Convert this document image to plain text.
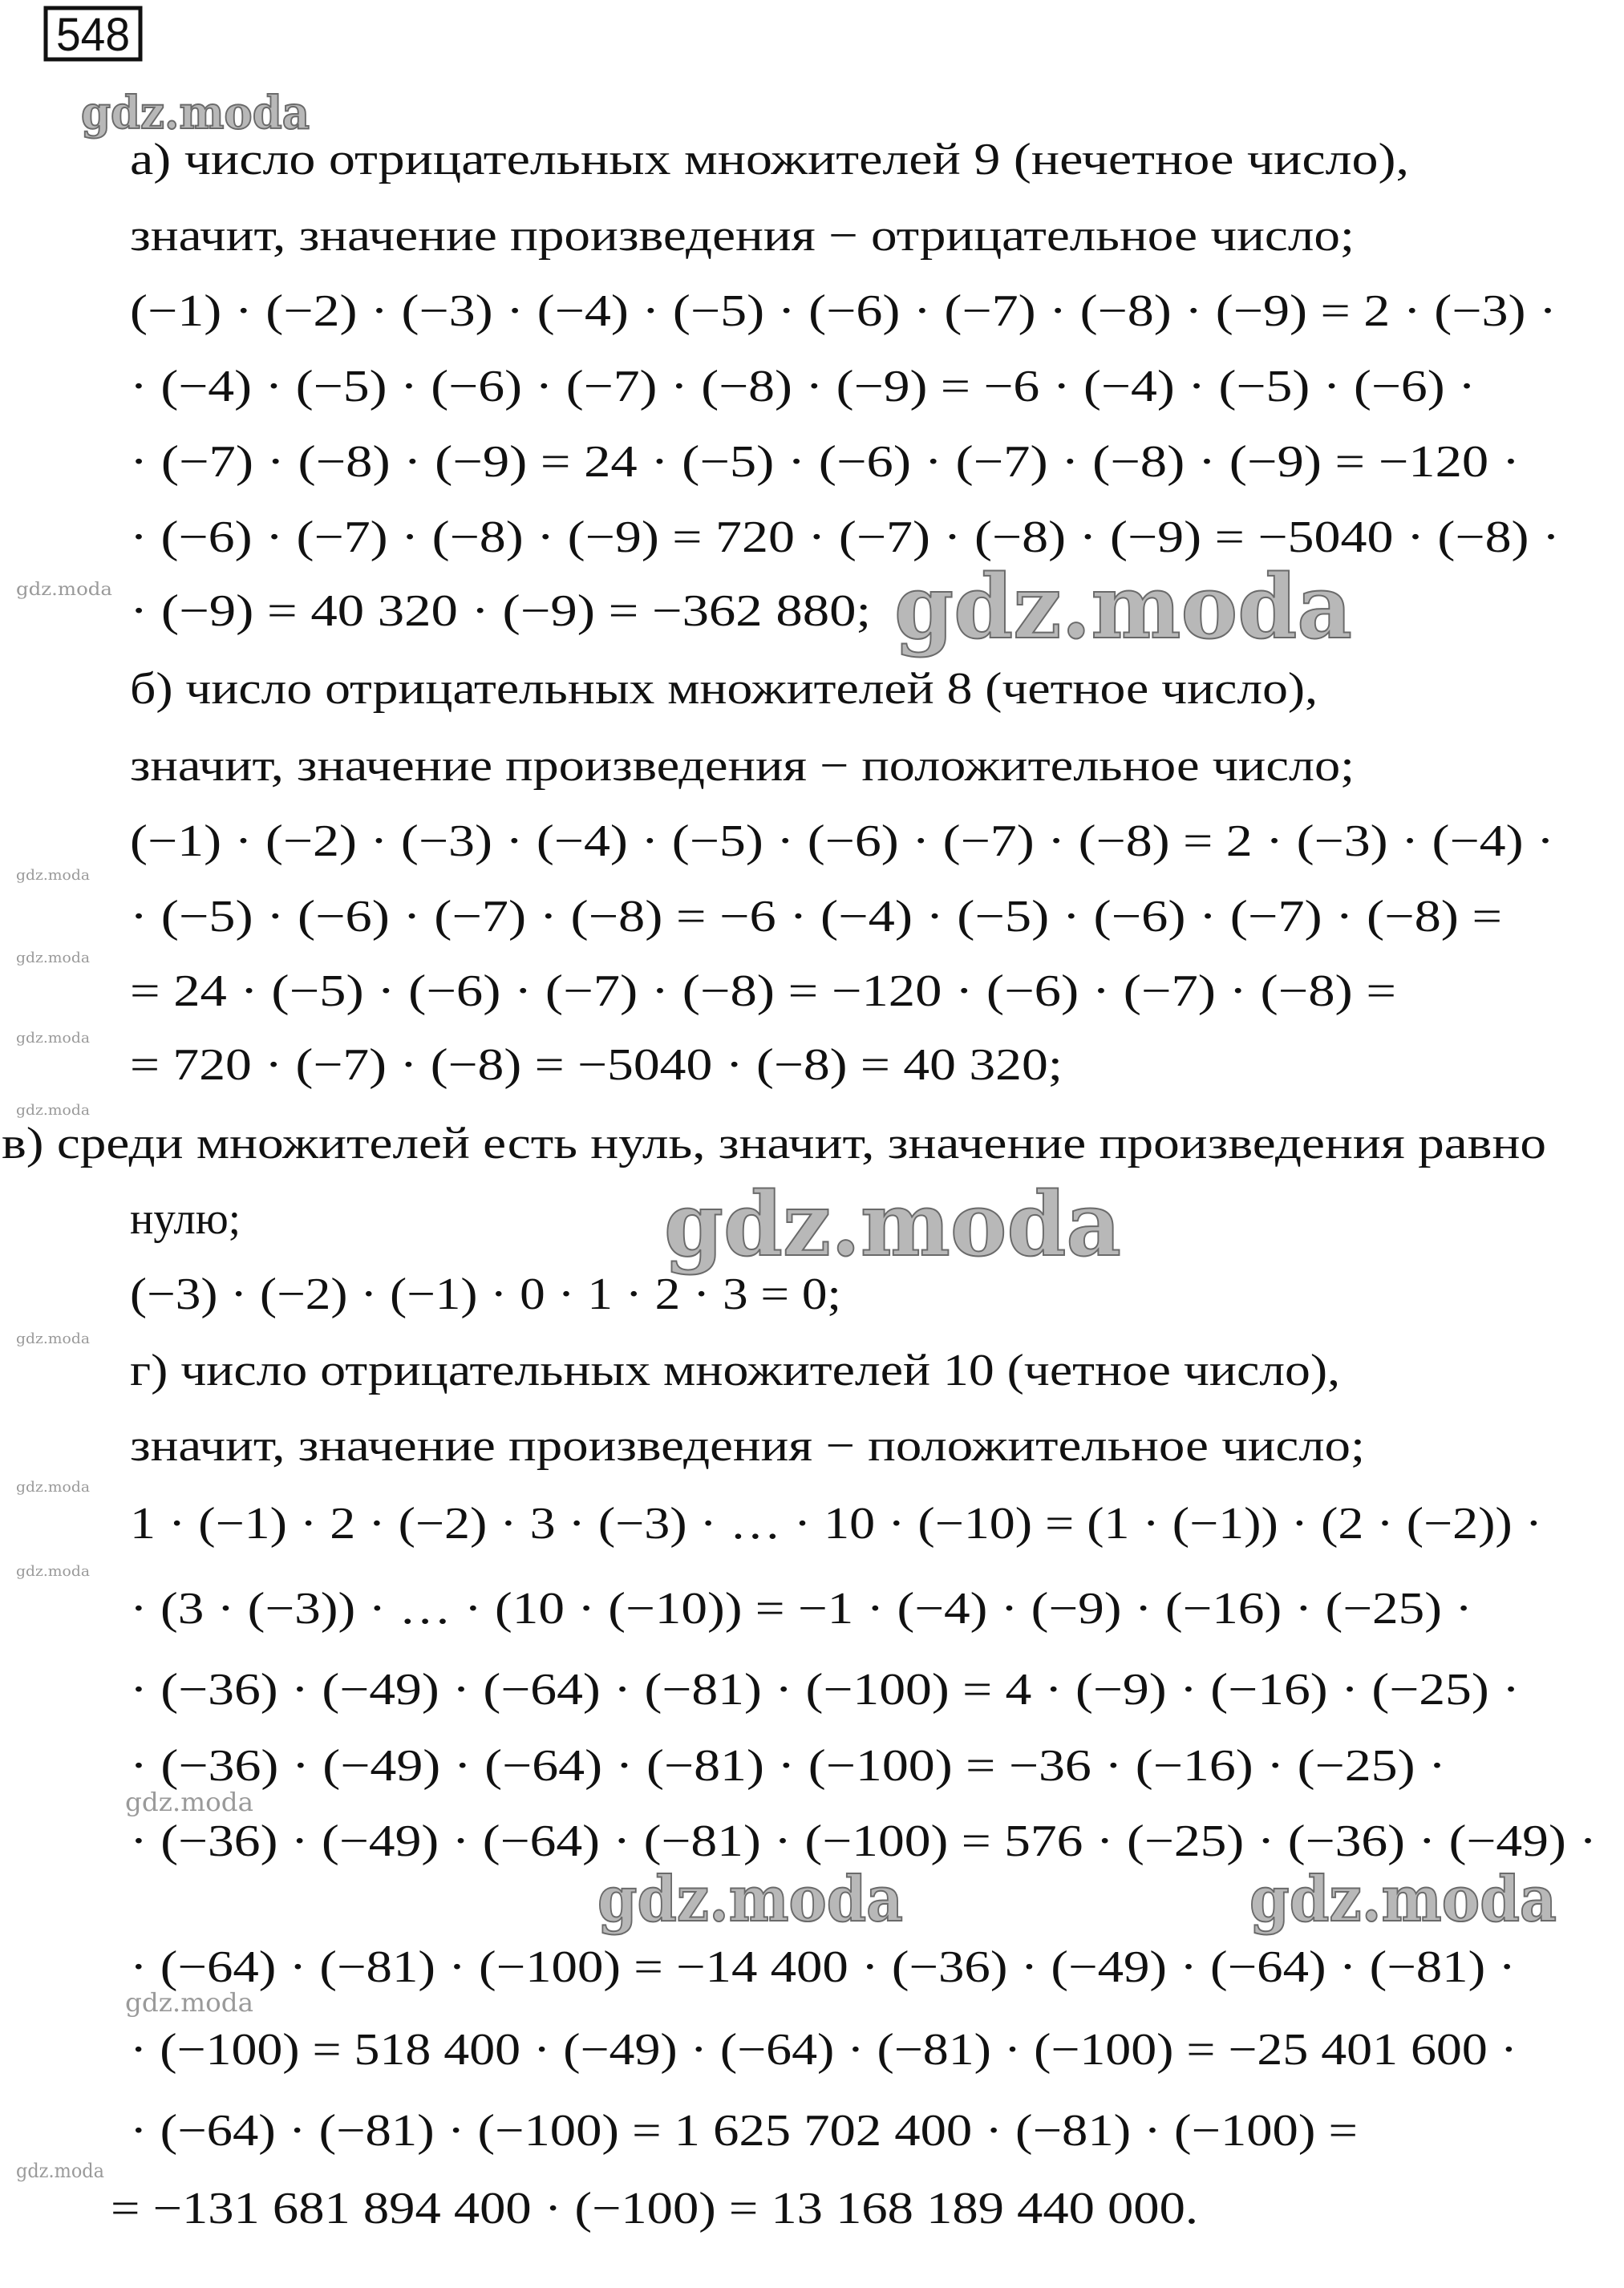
548
gdz.moda
gdz.moda
gdz.moda
gdz.moda	gdz.moda
gdz.moda
gdz.moda
gdz.moda
gdz.moda
gdz.moda
gdz.moda
gdz.moda
gdz.moda
gdz.moda
gdz.moda
gdz.moda
а) число отрицательных множителей 9 (нечетное число),
значит, значение произведения − отрицательное число;
(−1) · (−2) · (−3) · (−4) · (−5) · (−6) · (−7) · (−8) · (−9) = 2 · (−3) ·
· (−4) · (−5) · (−6) · (−7) · (−8) · (−9) = −6 · (−4) · (−5) · (−6) ·
· (−7) · (−8) · (−9) = 24 · (−5) · (−6) · (−7) · (−8) · (−9) = −120 ·
· (−6) · (−7) · (−8) · (−9) = 720 · (−7) · (−8) · (−9) = −5040 · (−8) ·
· (−9) = 40 320 · (−9) = −362 880;
б) число отрицательных множителей 8 (четное число),
значит, значение произведения − положительное число;
(−1) · (−2) · (−3) · (−4) · (−5) · (−6) · (−7) · (−8) = 2 · (−3) · (−4) ·
· (−5) · (−6) · (−7) · (−8) = −6 · (−4) · (−5) · (−6) · (−7) · (−8) =
= 24 · (−5) · (−6) · (−7) · (−8) = −120 · (−6) · (−7) · (−8) =
= 720 · (−7) · (−8) = −5040 · (−8) = 40 320;
в) среди множителей есть нуль, значит, значение произведения равно
нулю;
(−3) · (−2) · (−1) · 0 · 1 · 2 · 3 = 0;
г) число отрицательных множителей 10 (четное число),
значит, значение произведения − положительное число;
1 · (−1) · 2 · (−2) · 3 · (−3) · … · 10 · (−10) = (1 · (−1)) · (2 · (−2)) ·
· (3 · (−3)) · … · (10 · (−10)) = −1 · (−4) · (−9) · (−16) · (−25) ·
· (−36) · (−49) · (−64) · (−81) · (−100) = 4 · (−9) · (−16) · (−25) ·
· (−36) · (−49) · (−64) · (−81) · (−100) = −36 · (−16) · (−25) ·
· (−36) · (−49) · (−64) · (−81) · (−100) = 576 · (−25) · (−36) · (−49) ·
· (−64) · (−81) · (−100) = −14 400 · (−36) · (−49) · (−64) · (−81) ·
· (−100) = 518 400 · (−49) · (−64) · (−81) · (−100) = −25 401 600 ·
· (−64) · (−81) · (−100) = 1 625 702 400 · (−81) · (−100) =
= −131 681 894 400 · (−100) = 13 168 189 440 000.
